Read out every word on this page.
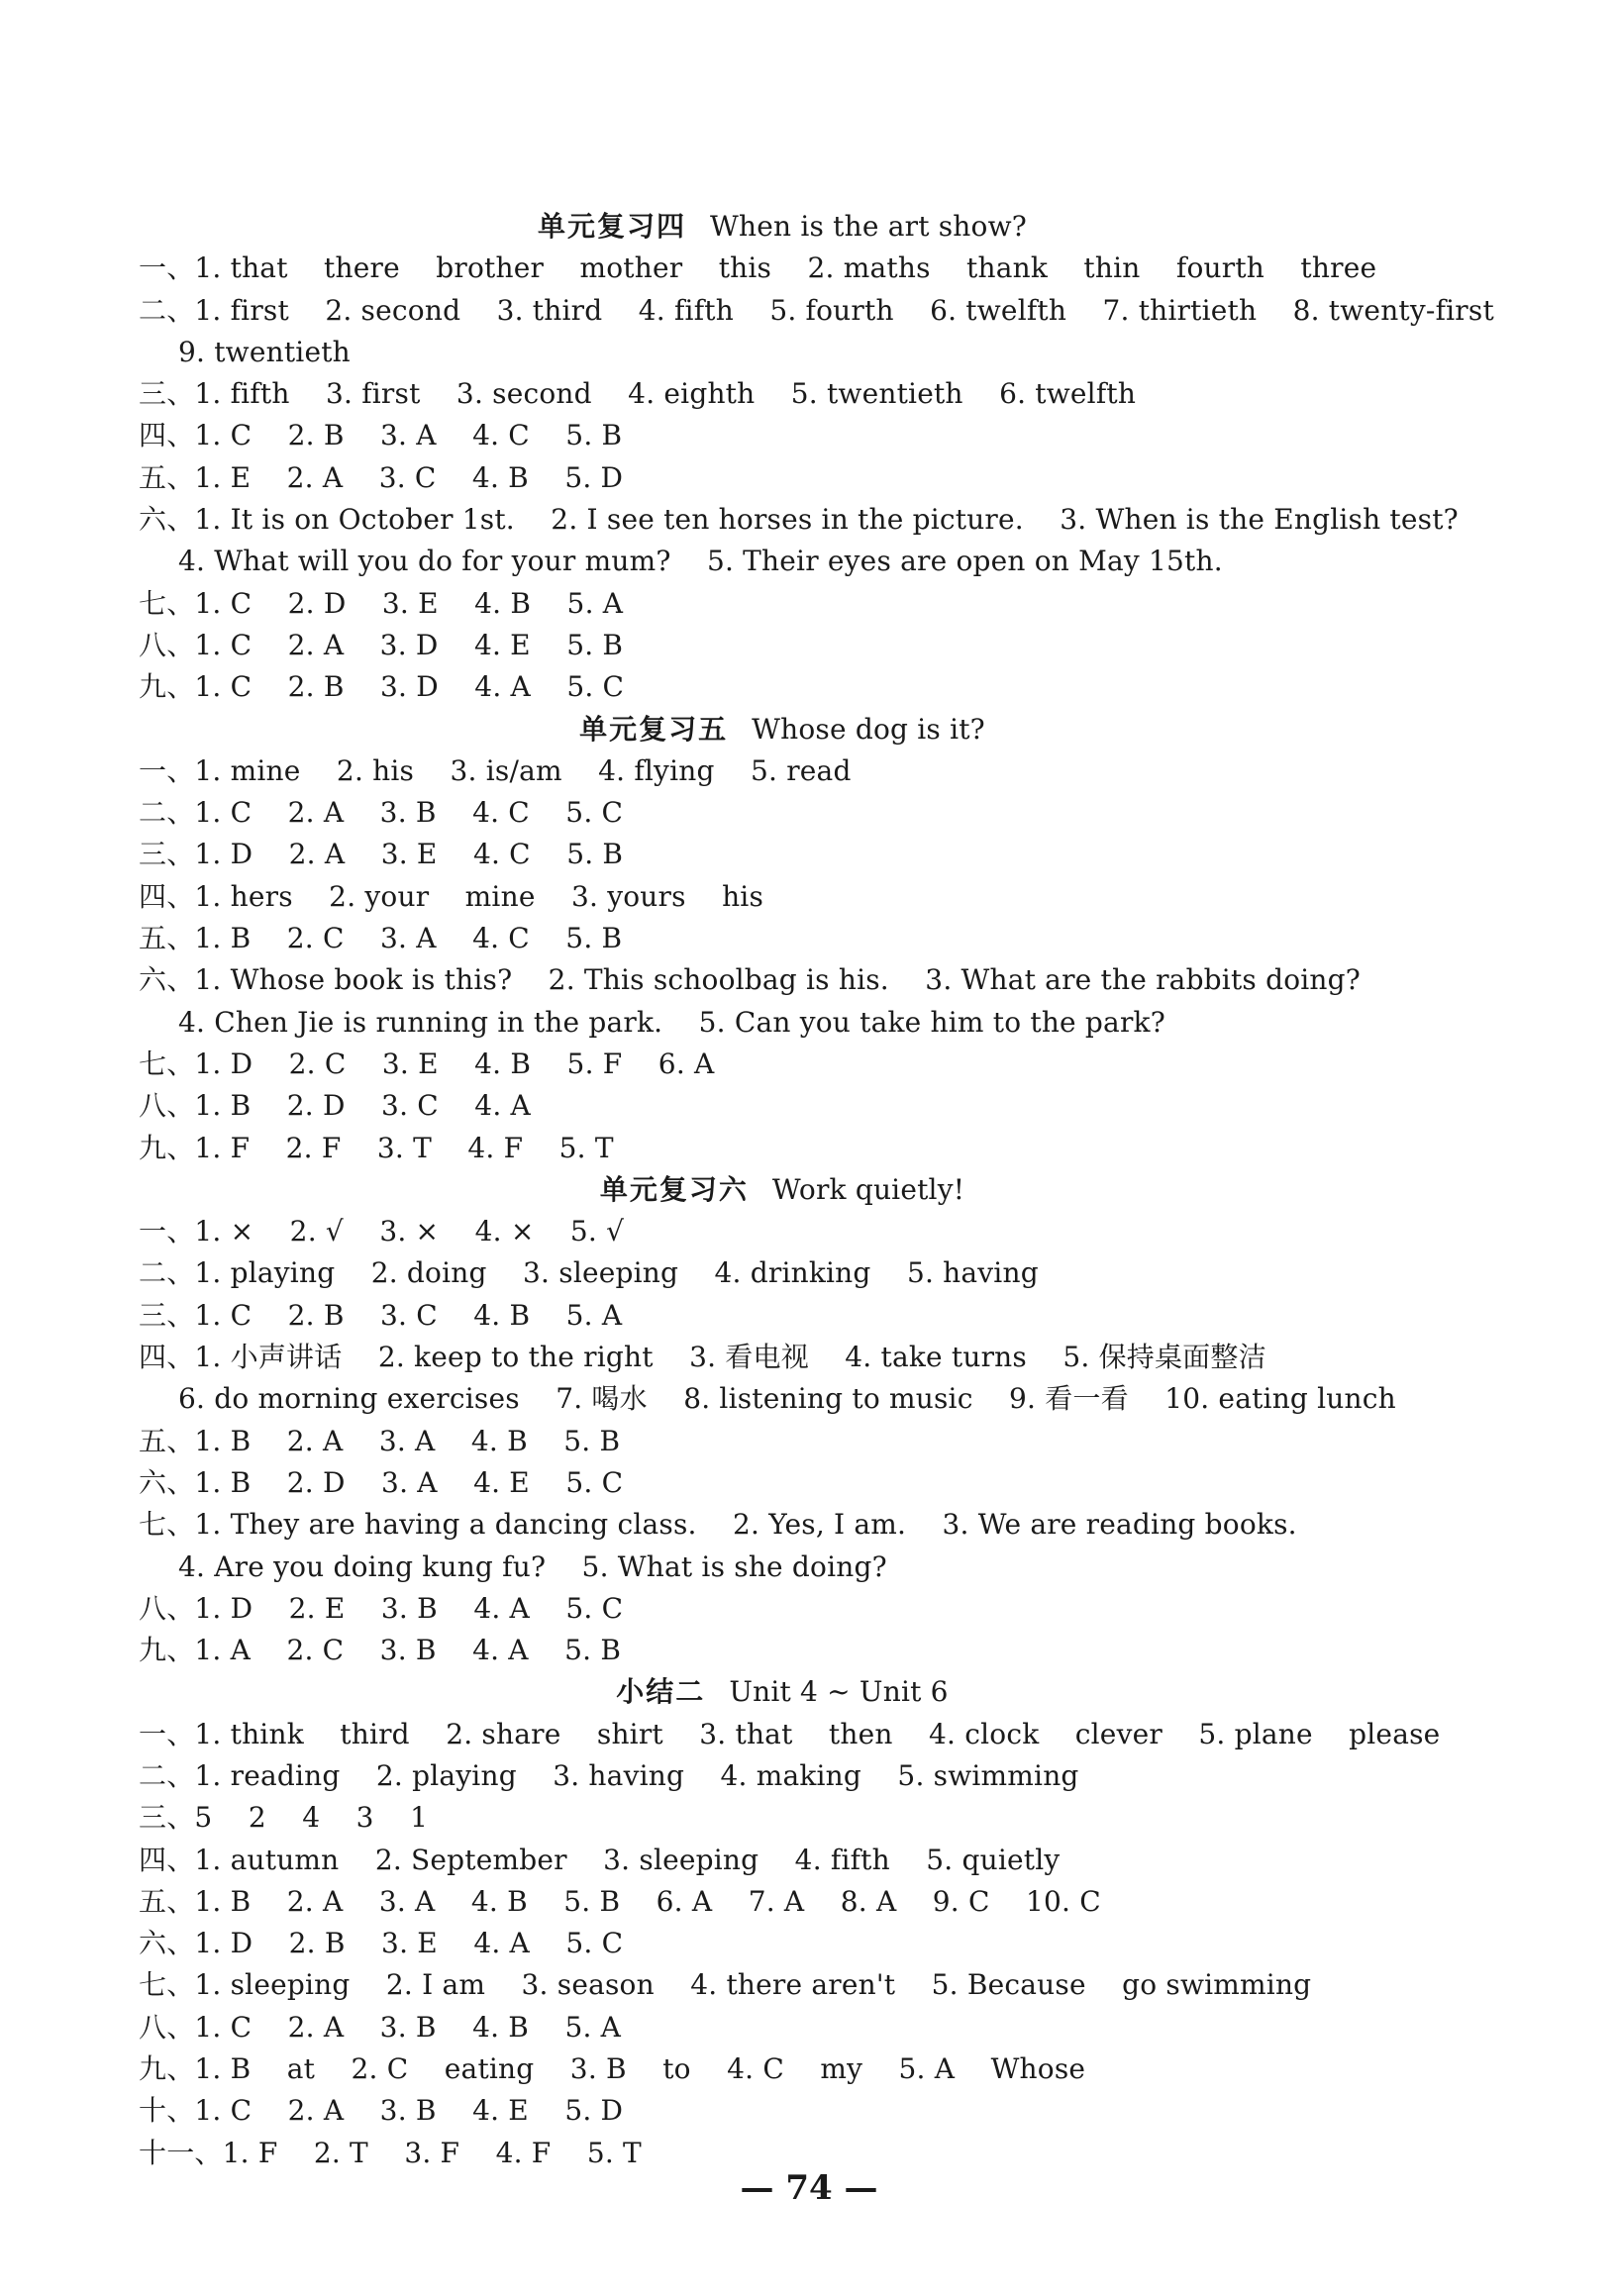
单元复习四 When is the art show?
一、1. that    there    brother    mother    this    2. maths    thank    thin    fourth    three
二、1. first    2. second    3. third    4. fifth    5. fourth    6. twelfth    7. thirtieth    8. twenty-first
9. twentieth
三、1. fifth    3. first    3. second    4. eighth    5. twentieth    6. twelfth
四、1. C    2. B    3. A    4. C    5. B
五、1. E    2. A    3. C    4. B    5. D
六、1. It is on October 1st.    2. I see ten horses in the picture.    3. When is the English test?
4. What will you do for your mum?    5. Their eyes are open on May 15th.
七、1. C    2. D    3. E    4. B    5. A
八、1. C    2. A    3. D    4. E    5. B
九、1. C    2. B    3. D    4. A    5. C
单元复习五 Whose dog is it?
一、1. mine    2. his    3. is/am    4. flying    5. read
二、1. C    2. A    3. B    4. C    5. C
三、1. D    2. A    3. E    4. C    5. B
四、1. hers    2. your    mine    3. yours    his
五、1. B    2. C    3. A    4. C    5. B
六、1. Whose book is this?    2. This schoolbag is his.    3. What are the rabbits doing?
4. Chen Jie is running in the park.    5. Can you take him to the park?
七、1. D    2. C    3. E    4. B    5. F    6. A
八、1. B    2. D    3. C    4. A
九、1. F    2. F    3. T    4. F    5. T
单元复习六 Work quietly!
一、1. ×    2. √    3. ×    4. ×    5. √
二、1. playing    2. doing    3. sleeping    4. drinking    5. having
三、1. C    2. B    3. C    4. B    5. A
四、1. 小声讲话    2. keep to the right    3. 看电视    4. take turns    5. 保持桌面整洁
6. do morning exercises    7. 喝水    8. listening to music    9. 看一看    10. eating lunch
五、1. B    2. A    3. A    4. B    5. B
六、1. B    2. D    3. A    4. E    5. C
七、1. They are having a dancing class.    2. Yes, I am.    3. We are reading books.
4. Are you doing kung fu?    5. What is she doing?
八、1. D    2. E    3. B    4. A    5. C
九、1. A    2. C    3. B    4. A    5. B
小结二 Unit 4 ~ Unit 6
一、1. think    third    2. share    shirt    3. that    then    4. clock    clever    5. plane    please
二、1. reading    2. playing    3. having    4. making    5. swimming
三、5    2    4    3    1
四、1. autumn    2. September    3. sleeping    4. fifth    5. quietly
五、1. B    2. A    3. A    4. B    5. B    6. A    7. A    8. A    9. C    10. C
六、1. D    2. B    3. E    4. A    5. C
七、1. sleeping    2. I am    3. season    4. there aren't    5. Because    go swimming
八、1. C    2. A    3. B    4. B    5. A
九、1. B    at    2. C    eating    3. B    to    4. C    my    5. A    Whose
十、1. C    2. A    3. B    4. E    5. D
十一、1. F    2. T    3. F    4. F    5. T
— 74 —
